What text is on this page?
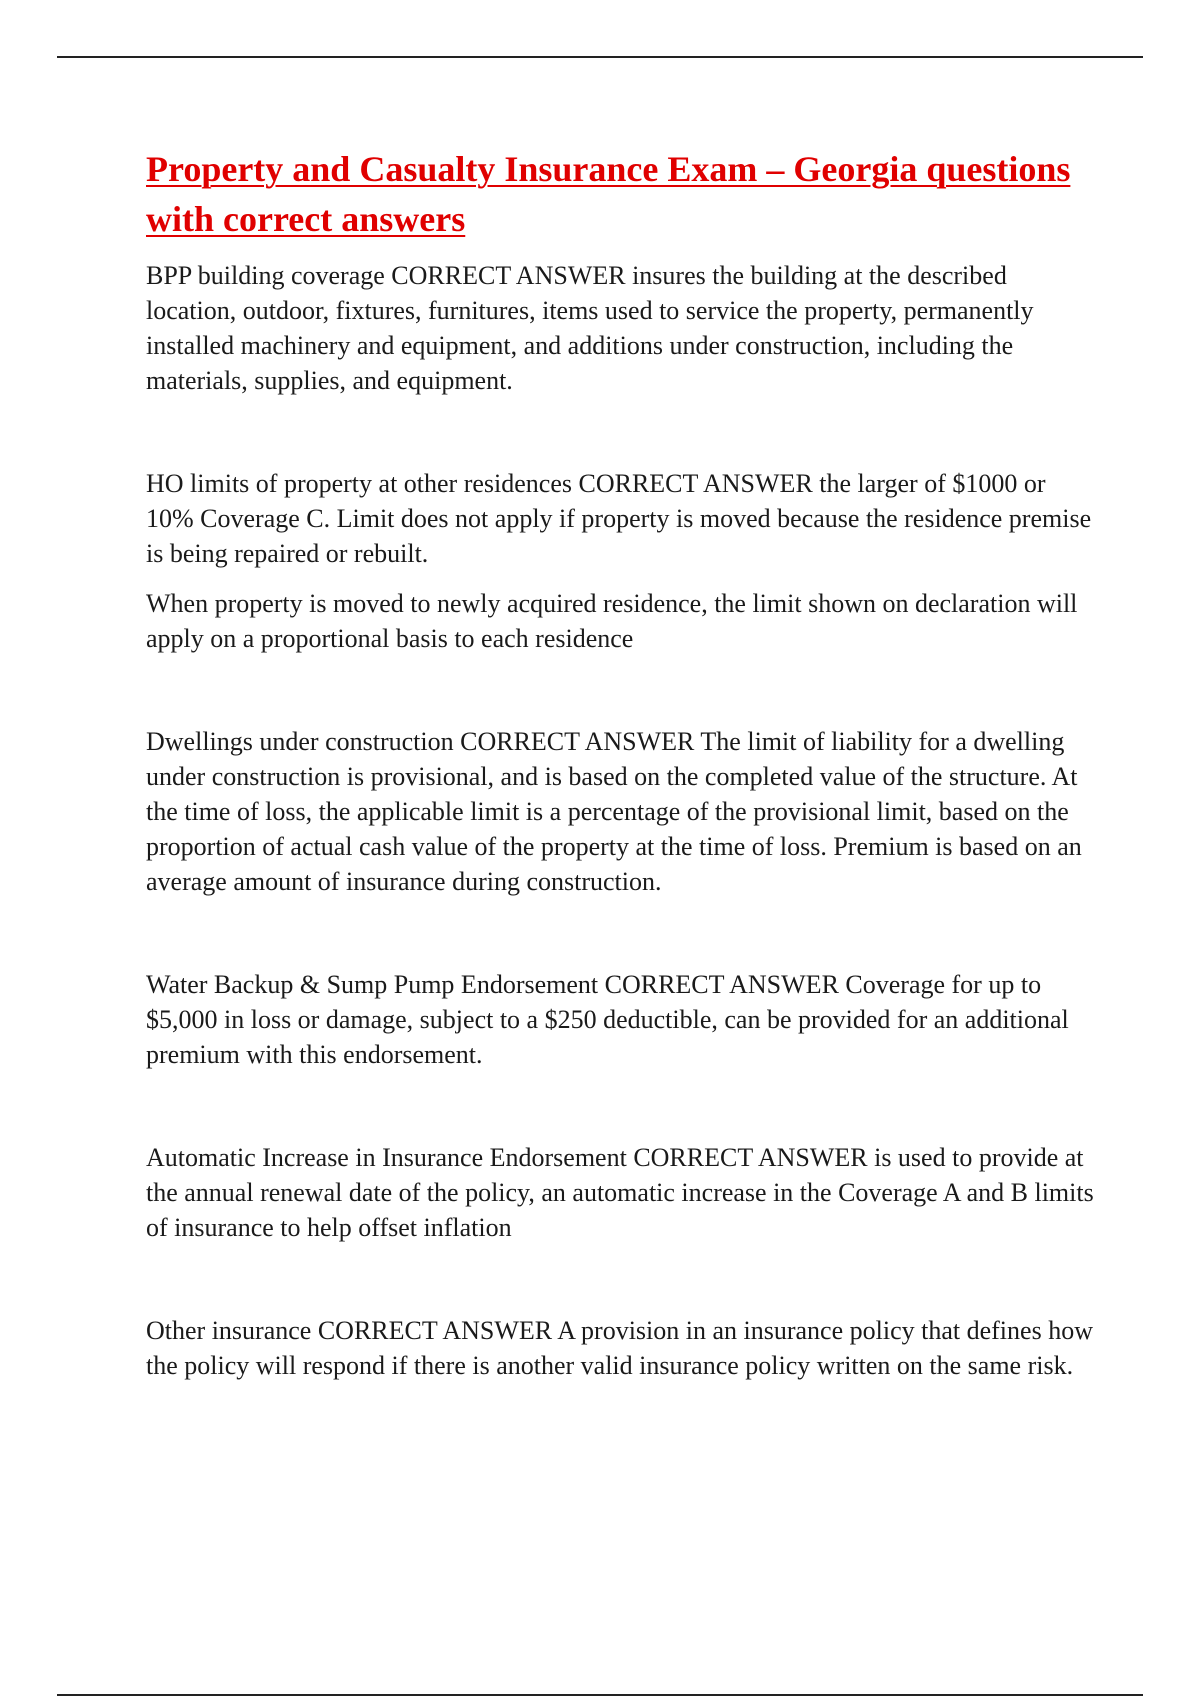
Property and Casualty Insurance Exam – Georgia questions with correct answers

BPP building coverage CORRECT ANSWER insures the building at the described location, outdoor, fixtures, furnitures, items used to service the property, permanently installed machinery and equipment, and additions under construction, including the materials, supplies, and equipment.

HO limits of property at other residences CORRECT ANSWER the larger of $1000 or 10% Coverage C. Limit does not apply if property is moved because the residence premise is being repaired or rebuilt.
When property is moved to newly acquired residence, the limit shown on declaration will apply on a proportional basis to each residence

Dwellings under construction CORRECT ANSWER The limit of liability for a dwelling under construction is provisional, and is based on the completed value of the structure. At the time of loss, the applicable limit is a percentage of the provisional limit, based on the proportion of actual cash value of the property at the time of loss. Premium is based on an average amount of insurance during construction.

Water Backup & Sump Pump Endorsement CORRECT ANSWER Coverage for up to $5,000 in loss or damage, subject to a $250 deductible, can be provided for an additional premium with this endorsement.

Automatic Increase in Insurance Endorsement CORRECT ANSWER is used to provide at the annual renewal date of the policy, an automatic increase in the Coverage A and B limits of insurance to help offset inflation

Other insurance CORRECT ANSWER A provision in an insurance policy that defines how the policy will respond if there is another valid insurance policy written on the same risk.
